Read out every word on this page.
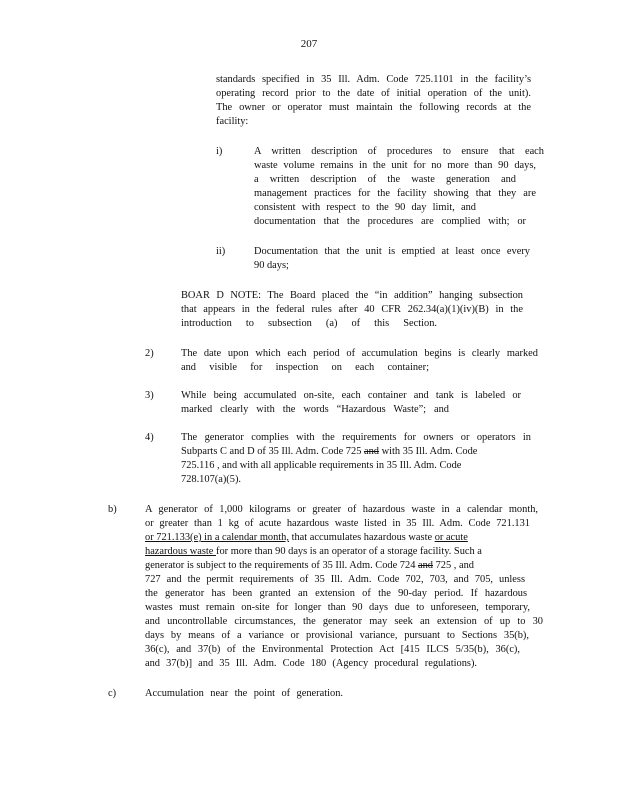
207
standards specified in 35 Ill. Adm. Code 725.1101 in the facility’s
operating record prior to the date of initial operation of the unit).
The owner or operator must maintain the following records at the
facility:
i)	A written description of procedures to ensure that each
waste volume remains in the unit for no more than 90 days,
a written description of the waste generation and
management practices for the facility showing that they are
consistent with respect to the 90 day limit, and
documentation that the procedures are complied with; or
ii)	Documentation that the unit is emptied at least once every
90 days;
BOAR D NOTE: The Board placed the “in addition” hanging subsection
that appears in the federal rules after 40 CFR 262.34(a)(1)(iv)(B) in the
introduction to subsection (a) of this Section.
2)	The date upon which each period of accumulation begins is clearly marked
and visible for inspection on each container;
3)	While being accumulated on-site, each container and tank is labeled or
marked clearly with the words “Hazardous Waste”; and
4)	The generator complies with the requirements for owners or operators in
Subparts C and D of 35 Ill. Adm. Code 725 and with 35 Ill. Adm. Code
725.116 , and with all applicable requirements in 35 Ill. Adm. Code
728.107(a)(5).
b)	A generator of 1,000 kilograms or greater of hazardous waste in a calendar month,
or greater than 1 kg of acute hazardous waste listed in 35 Ill. Adm. Code 721.131
or 721.133(e) in a calendar month, that accumulates hazardous waste or acute
hazardous waste for more than 90 days is an operator of a storage facility. Such a
generator is subject to the requirements of 35 Ill. Adm. Code 724 and 725 , and
727 and the permit requirements of 35 Ill. Adm. Code 702, 703, and 705, unless
the generator has been granted an extension of the 90-day period. If hazardous
wastes must remain on-site for longer than 90 days due to unforeseen, temporary,
and uncontrollable circumstances, the generator may seek an extension of up to 30
days by means of a variance or provisional variance, pursuant to Sections 35(b),
36(c), and 37(b) of the Environmental Protection Act [415 ILCS 5/35(b), 36(c),
and 37(b)] and 35 Ill. Adm. Code 180 (Agency procedural regulations).
c)	Accumulation near the point of generation.
